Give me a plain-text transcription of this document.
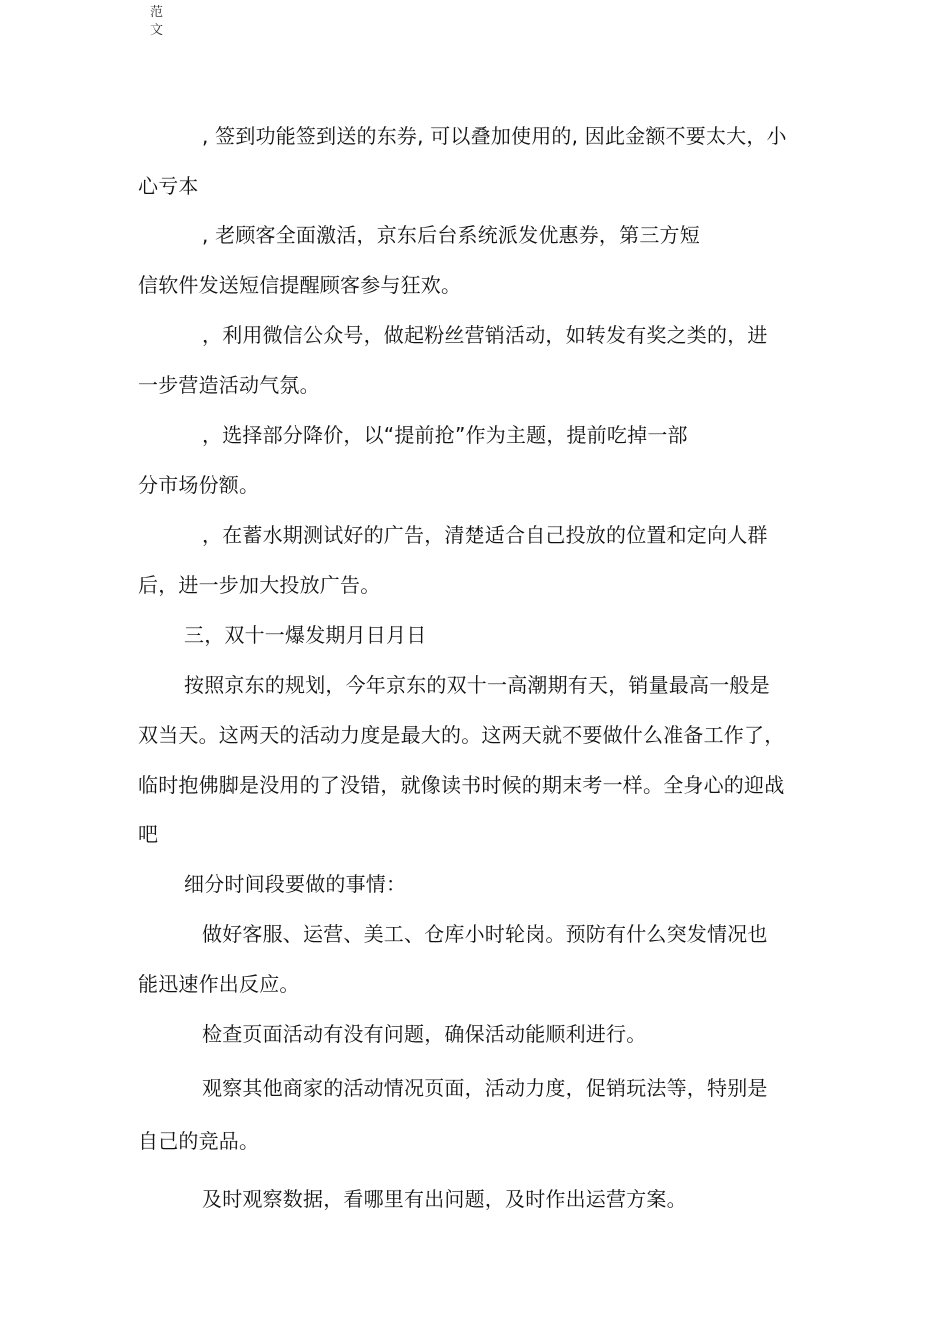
范文
, 签到功能签到送的东券, 可以叠加使用的, 因此金额不要太大，小
心亏本
, 老顾客全面激活，京东后台系统派发优惠券，第三方短
信软件发送短信提醒顾客参与狂欢。
，利用微信公众号，做起粉丝营销活动，如转发有奖之类的，进
一步营造活动气氛。
，选择部分降价，以“提前抢”作为主题，提前吃掉一部
分市场份额。
，在蓄水期测试好的广告，清楚适合自己投放的位置和定向人群
后，进一步加大投放广告。
三，双十一爆发期月日月日
按照京东的规划，今年京东的双十一高潮期有天，销量最高一般是
双当天。这两天的活动力度是最大的。这两天就不要做什么准备工作了，
临时抱佛脚是没用的了没错，就像读书时候的期末考一样。全身心的迎战
吧
细分时间段要做的事情：
做好客服、运营、美工、仓库小时轮岗。预防有什么突发情况也
能迅速作出反应。
检查页面活动有没有问题，确保活动能顺利进行。
观察其他商家的活动情况页面，活动力度，促销玩法等，特别是
自己的竞品。
及时观察数据，看哪里有出问题，及时作出运营方案。
